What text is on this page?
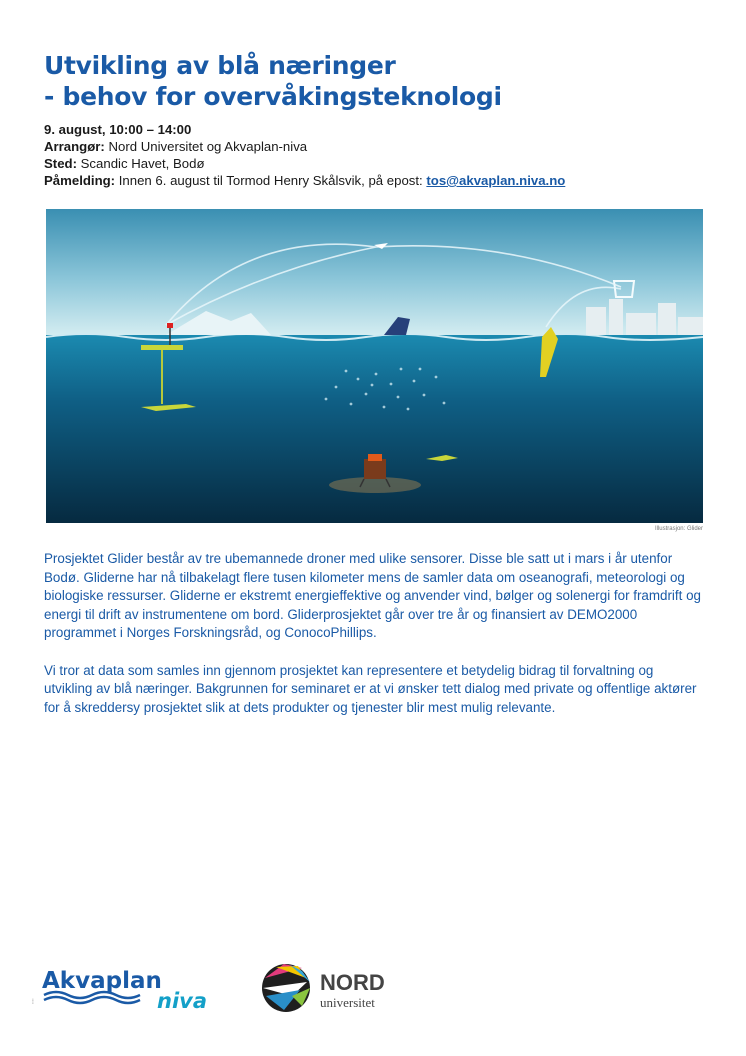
Utvikling av blå næringer
- behov for overvåkingsteknologi
9. august, 10:00 – 14:00
Arrangør: Nord Universitet og Akvaplan-niva
Sted: Scandic Havet, Bodø
Påmelding: Innen 6. august til Tormod Henry Skålsvik, på epost: tos@akvaplan.niva.no
Illustrasjon: Glider

Prosjektet Glider består av tre ubemannede droner med ulike sensorer. Disse ble satt ut i mars i år utenfor Bodø. Gliderne har nå tilbakelagt flere tusen kilometer mens de samler data om oseanografi, meteorologi og biologiske ressurser. Gliderne er ekstremt energieffektive og anvender vind, bølger og solenergi for framdrift og energi til drift av instrumentene om bord. Gliderprosjektet går over tre år og finansiert av DEMO2000 programmet i Norges Forskningsråd, og ConocoPhillips.

Vi tror at data som samles inn gjennom prosjektet kan representere et betydelig bidrag til forvaltning og utvikling av blå næringer. Bakgrunnen for seminaret er at vi ønsker tett dialog med private og offentlige aktører for å skreddersy prosjektet slik at dets produkter og tjenester blir mest mulig relevante.

Akvaplan
niva
NORD
universitet
▪▪▪▪
